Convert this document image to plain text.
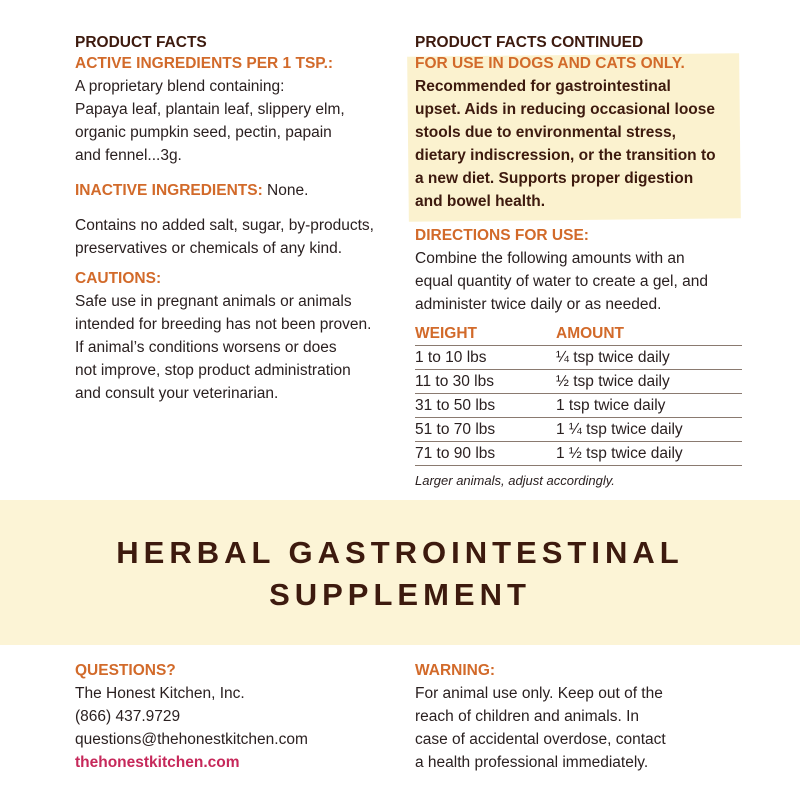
PRODUCT FACTS
ACTIVE INGREDIENTS PER 1 TSP.:
A proprietary blend containing:
Papaya leaf, plantain leaf, slippery elm,
organic pumpkin seed, pectin, papain
and fennel...3g.
INACTIVE INGREDIENTS: None.
Contains no added salt, sugar, by-products,
preservatives or chemicals of any kind.
CAUTIONS:
Safe use in pregnant animals or animals
intended for breeding has not been proven.
If animal’s conditions worsens or does
not improve, stop product administration
and consult your veterinarian.
PRODUCT FACTS CONTINUED
FOR USE IN DOGS AND CATS ONLY.
Recommended for gastrointestinal
upset. Aids in reducing occasional loose
stools due to environmental stress,
dietary indiscression, or the transition to
a new diet. Supports proper digestion
and bowel health.
DIRECTIONS FOR USE:
Combine the following amounts with an
equal quantity of water to create a gel, and
administer twice daily or as needed.
WEIGHT	AMOUNT
1 to 10 lbs	¼ tsp twice daily
11 to 30 lbs	½ tsp twice daily
31 to 50 lbs	1 tsp twice daily
51 to 70 lbs	1 ¼ tsp twice daily
71 to 90 lbs	1 ½ tsp twice daily
Larger animals, adjust accordingly.
HERBAL GASTROINTESTINAL
SUPPLEMENT
QUESTIONS?
The Honest Kitchen, Inc.
(866) 437.9729
questions@thehonestkitchen.com
thehonestkitchen.com
WARNING:
For animal use only. Keep out of the
reach of children and animals. In
case of accidental overdose, contact
a health professional immediately.
